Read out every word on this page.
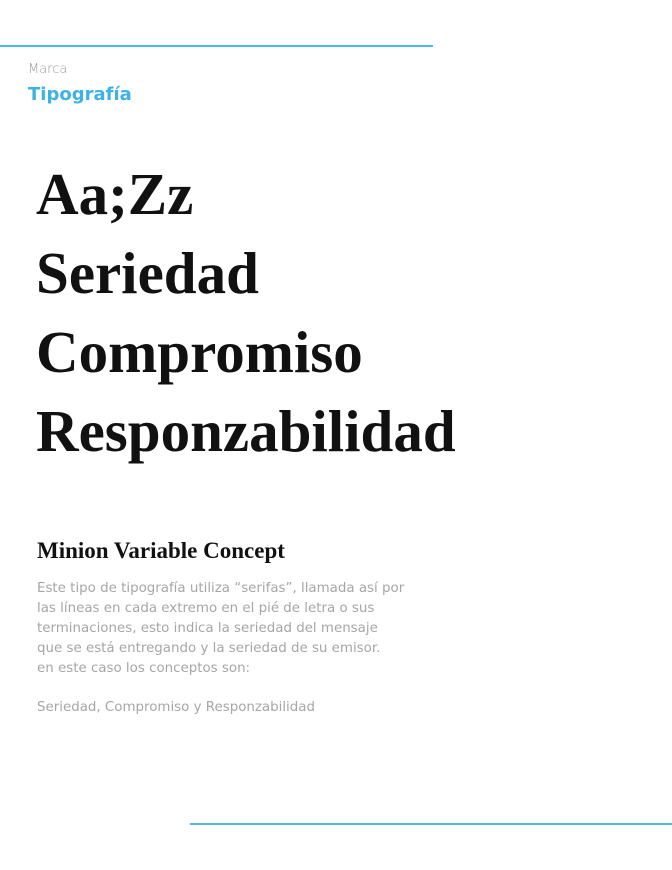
Marca
Tipografía
Aa;Zz
Seriedad
Compromiso
Responzabilidad
Minion Variable Concept
Este tipo de tipografía utiliza “serifas”, llamada así por
las líneas en cada extremo en el pié de letra o sus
terminaciones, esto indica la seriedad del mensaje
que se está entregando y la seriedad de su emisor.
en este caso los conceptos son:
Seriedad, Compromiso y Responzabilidad
